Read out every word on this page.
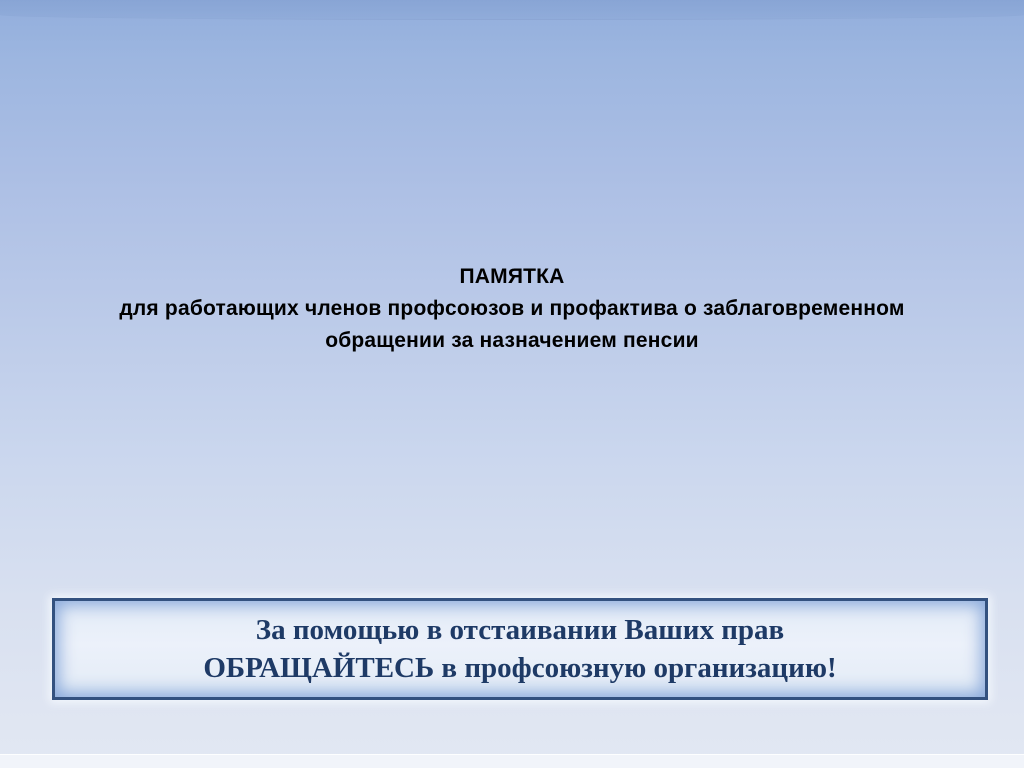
ПАМЯТКА
для работающих членов профсоюзов и профактива о заблаговременном
обращении за назначением пенсии
За помощью в отстаивании Ваших прав
ОБРАЩАЙТЕСЬ в профсоюзную организацию!
